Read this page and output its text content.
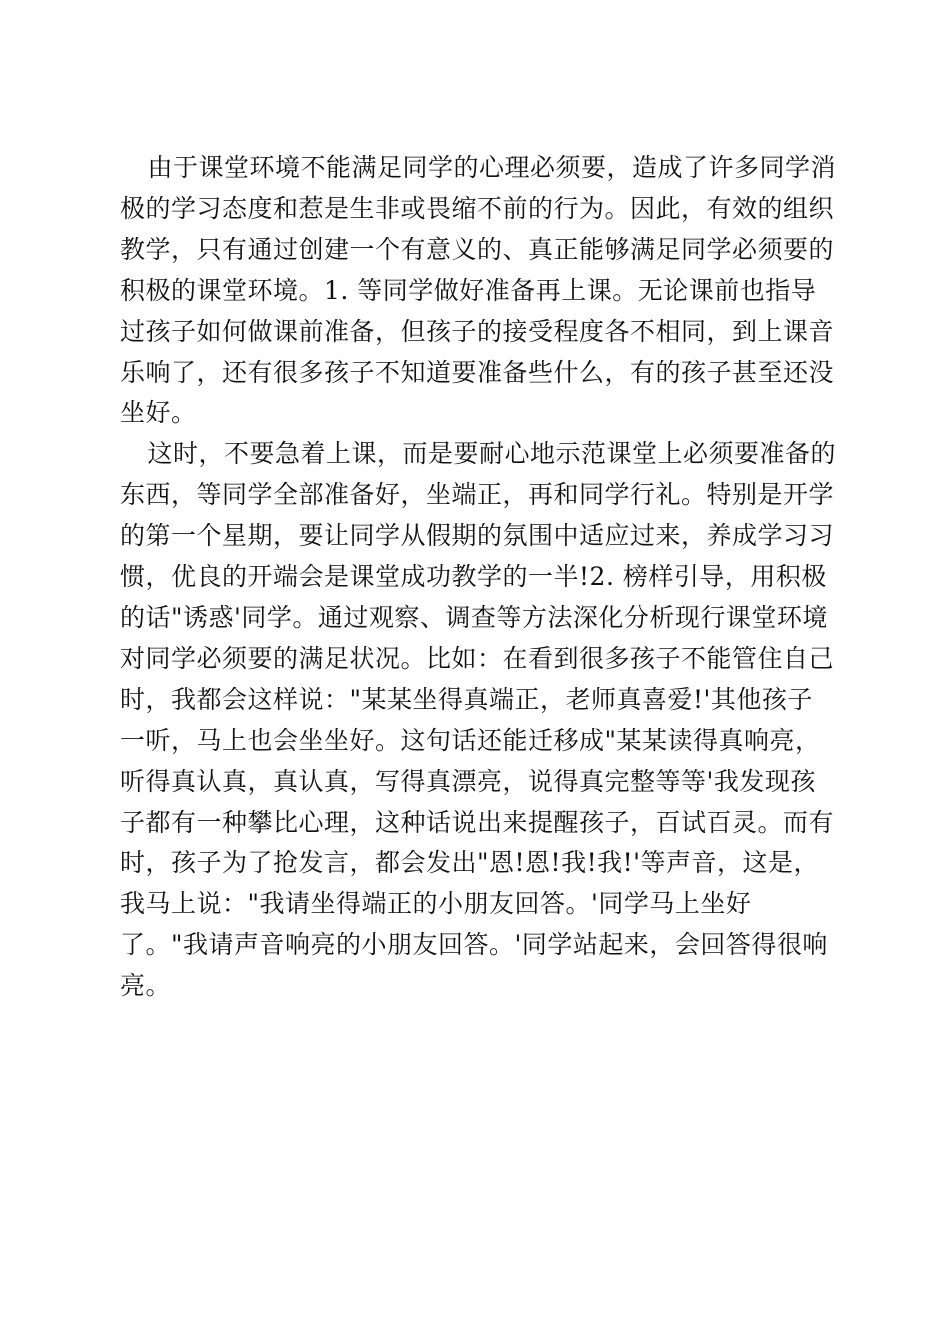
由于课堂环境不能满足同学的心理必须要，造成了许多同学消
极的学习态度和惹是生非或畏缩不前的行为。因此，有效的组织
教学，只有通过创建一个有意义的、真正能够满足同学必须要的
积极的课堂环境。1. 等同学做好准备再上课。无论课前也指导
过孩子如何做课前准备，但孩子的接受程度各不相同，到上课音
乐响了，还有很多孩子不知道要准备些什么，有的孩子甚至还没
坐好。

这时，不要急着上课，而是要耐心地示范课堂上必须要准备的
东西，等同学全部准备好，坐端正，再和同学行礼。特别是开学
的第一个星期，要让同学从假期的氛围中适应过来，养成学习习
惯，优良的开端会是课堂成功教学的一半!2. 榜样引导，用积极
的话"诱惑'同学。通过观察、调查等方法深化分析现行课堂环境
对同学必须要的满足状况。比如：在看到很多孩子不能管住自己
时，我都会这样说："某某坐得真端正，老师真喜爱!'其他孩子
一听，马上也会坐坐好。这句话还能迁移成"某某读得真响亮，
听得真认真，真认真，写得真漂亮，说得真完整等等'我发现孩
子都有一种攀比心理，这种话说出来提醒孩子，百试百灵。而有
时，孩子为了抢发言，都会发出"恩!恩!我!我!'等声音，这是，
我马上说："我请坐得端正的小朋友回答。'同学马上坐好
了。"我请声音响亮的小朋友回答。'同学站起来，会回答得很响
亮。
